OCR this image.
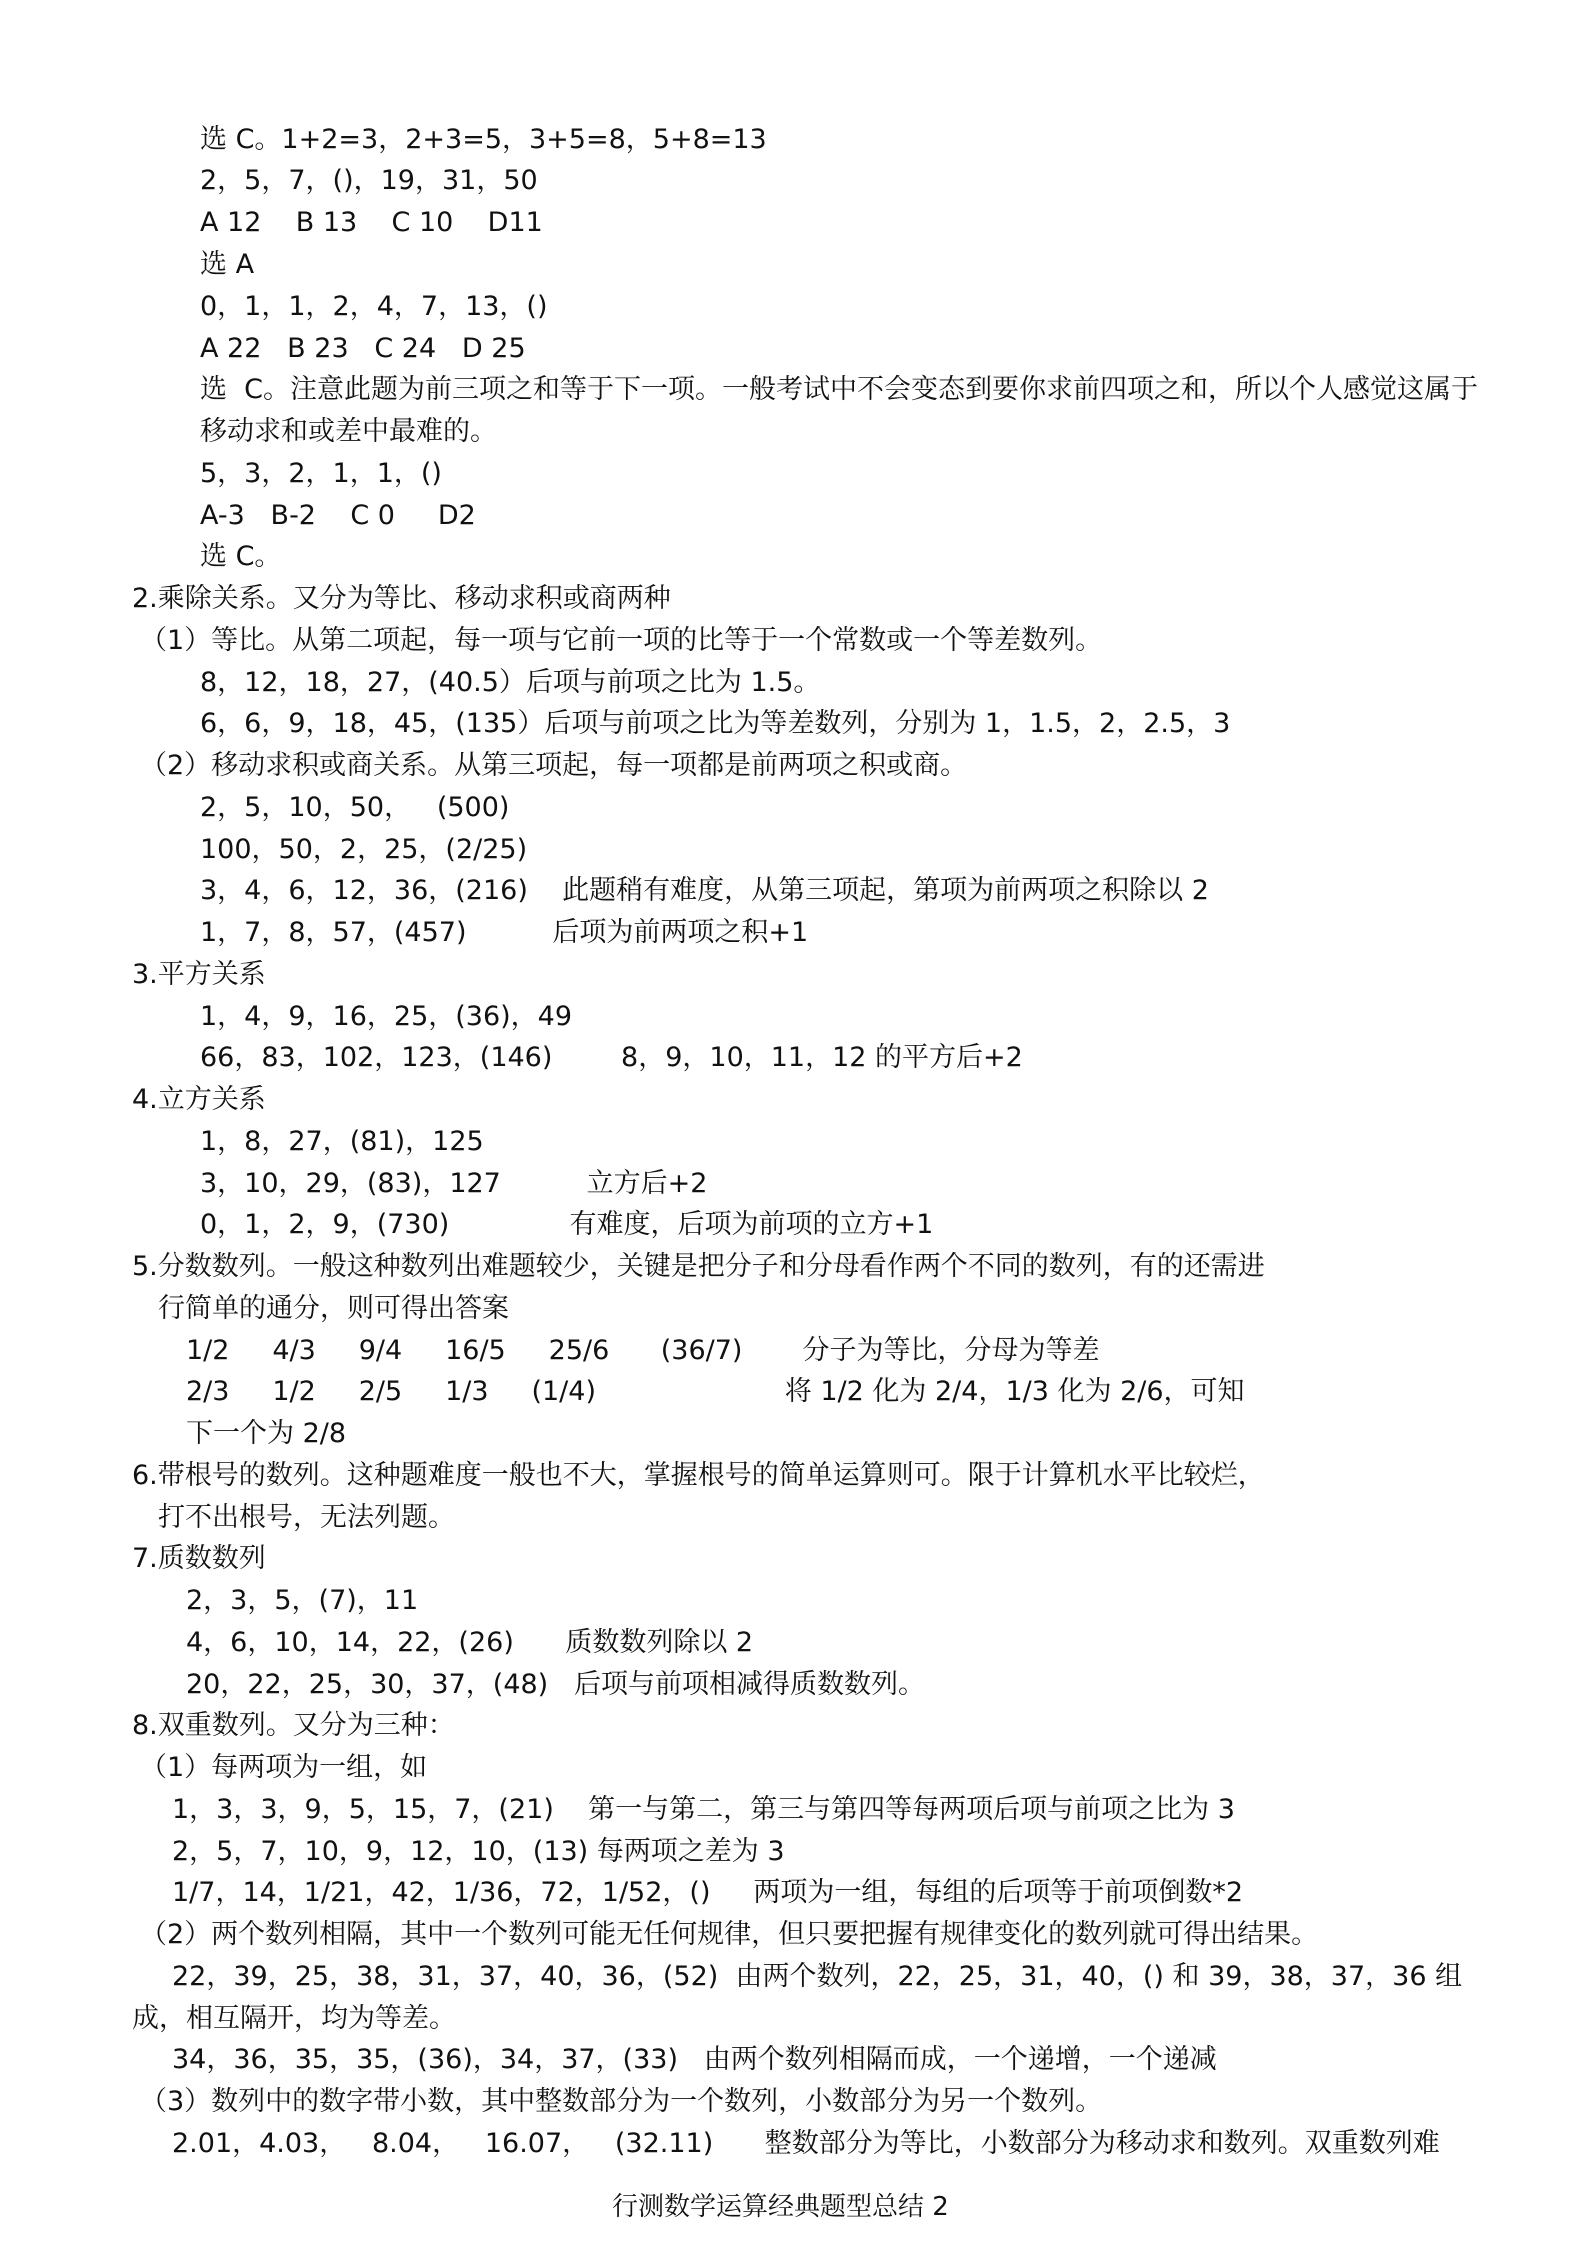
选 C。1+2=3，2+3=5，3+5=8，5+8=13
2，5，7，()，19，31，50
A 12    B 13    C 10    D11
选 A
0，1，1，2，4，7，13，()
A 22   B 23   C 24   D 25
选  C。注意此题为前三项之和等于下一项。一般考试中不会变态到要你求前四项之和，所以个人感觉这属于
移动求和或差中最难的。
5，3，2，1，1，()
A-3   B-2    C 0     D2
选 C。
2.乘除关系。又分为等比、移动求积或商两种
（1）等比。从第二项起，每一项与它前一项的比等于一个常数或一个等差数列。
8，12，18，27，(40.5）后项与前项之比为 1.5。
6，6，9，18，45，(135）后项与前项之比为等差数列，分别为 1，1.5，2，2.5，3
（2）移动求积或商关系。从第三项起，每一项都是前两项之积或商。
2，5，10，50，   (500)
100，50，2，25，(2/25)
3，4，6，12，36，(216)    此题稍有难度，从第三项起，第项为前两项之积除以 2
1，7，8，57，(457)          后项为前两项之积+1
3.平方关系
1，4，9，16，25，(36)，49
66，83，102，123，(146)        8，9，10，11，12 的平方后+2
4.立方关系
1，8，27，(81)，125
3，10，29，(83)，127          立方后+2
0，1，2，9，(730)              有难度，后项为前项的立方+1
5.分数数列。一般这种数列出难题较少，关键是把分子和分母看作两个不同的数列，有的还需进
行简单的通分，则可得出答案
1/2     4/3     9/4     16/5     25/6      (36/7)       分子为等比，分母为等差
2/3     1/2     2/5     1/3     (1/4)                      将 1/2 化为 2/4，1/3 化为 2/6，可知
下一个为 2/8
6.带根号的数列。这种题难度一般也不大，掌握根号的简单运算则可。限于计算机水平比较烂，
打不出根号，无法列题。
7.质数数列
2，3，5，(7)，11
4，6，10，14，22，(26)      质数数列除以 2
20，22，25，30，37，(48)   后项与前项相减得质数数列。
8.双重数列。又分为三种：
（1）每两项为一组，如
1，3，3，9，5，15，7，(21)    第一与第二，第三与第四等每两项后项与前项之比为 3
2，5，7，10，9，12，10，(13) 每两项之差为 3
1/7，14，1/21，42，1/36，72，1/52，()     两项为一组，每组的后项等于前项倒数*2
（2）两个数列相隔，其中一个数列可能无任何规律，但只要把握有规律变化的数列就可得出结果。
22，39，25，38，31，37，40，36，(52)  由两个数列，22，25，31，40，() 和 39，38，37，36 组
成，相互隔开，均为等差。
34，36，35，35，(36)，34，37，(33)   由两个数列相隔而成，一个递增，一个递减
（3）数列中的数字带小数，其中整数部分为一个数列，小数部分为另一个数列。
2.01，4.03，   8.04，   16.07，   (32.11)      整数部分为等比，小数部分为移动求和数列。双重数列难
行测数学运算经典题型总结 2
